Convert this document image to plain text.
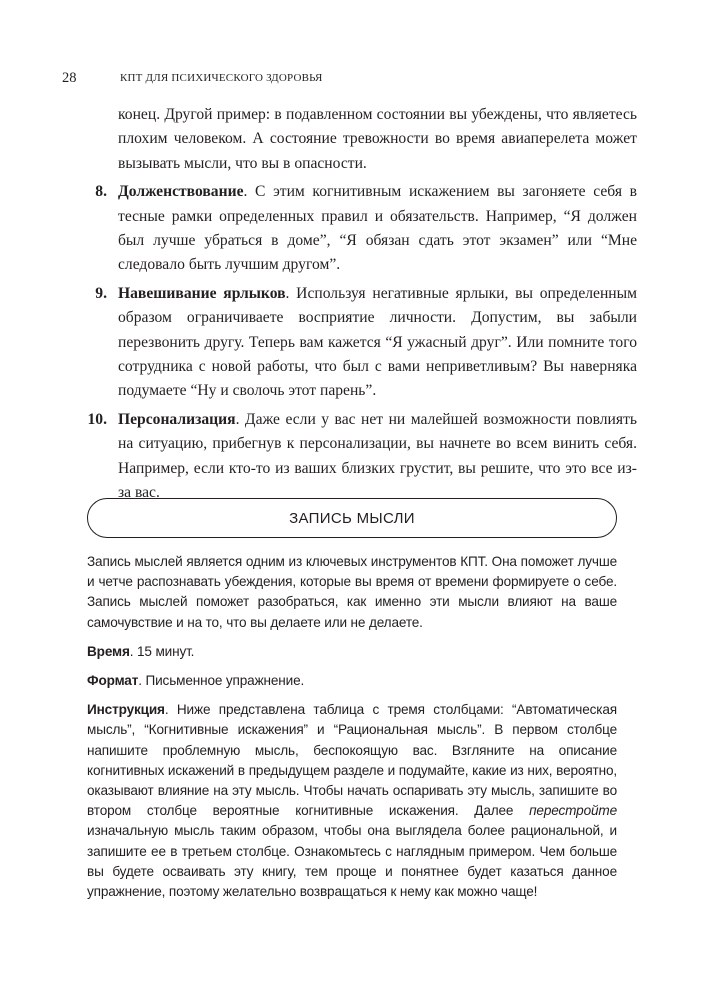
28	КПТ ДЛЯ ПСИХИЧЕСКОГО ЗДОРОВЬЯ

конец. Другой пример: в подавленном состоянии вы убеждены, что являетесь плохим человеком. А состояние тревожности во время авиаперелета может вызывать мысли, что вы в опасности.

8. Долженствование. С этим когнитивным искажением вы загоняете себя в тесные рамки определенных правил и обязательств. Например, “Я должен был лучше убраться в доме”, “Я обязан сдать этот экзамен” или “Мне следовало быть лучшим другом”.

9. Навешивание ярлыков. Используя негативные ярлыки, вы определенным образом ограничиваете восприятие личности. Допустим, вы забыли перезвонить другу. Теперь вам кажется “Я ужасный друг”. Или помните того сотрудника с новой работы, что был с вами неприветливым? Вы наверняка подумаете “Ну и сволочь этот парень”.

10. Персонализация. Даже если у вас нет ни малейшей возможности повлиять на ситуацию, прибегнув к персонализации, вы начнете во всем винить себя. Например, если кто-то из ваших близких грустит, вы решите, что это все из-за вас.

ЗАПИСЬ МЫСЛИ

Запись мыслей является одним из ключевых инструментов КПТ. Она поможет лучше и четче распознавать убеждения, которые вы время от времени формируете о себе. Запись мыслей поможет разобраться, как именно эти мысли влияют на ваше самочувствие и на то, что вы делаете или не делаете.

Время. 15 минут.

Формат. Письменное упражнение.

Инструкция. Ниже представлена таблица с тремя столбцами: “Автоматическая мысль”, “Когнитивные искажения” и “Рациональная мысль”. В первом столбце напишите проблемную мысль, беспокоящую вас. Взгляните на описание когнитивных искажений в предыдущем разделе и подумайте, какие из них, вероятно, оказывают влияние на эту мысль. Чтобы начать оспаривать эту мысль, запишите во втором столбце вероятные когнитивные искажения. Далее перестройте изначальную мысль таким образом, чтобы она выглядела более рациональной, и запишите ее в третьем столбце. Ознакомьтесь с наглядным примером. Чем больше вы будете осваивать эту книгу, тем проще и понятнее будет казаться данное упражнение, поэтому желательно возвращаться к нему как можно чаще!
